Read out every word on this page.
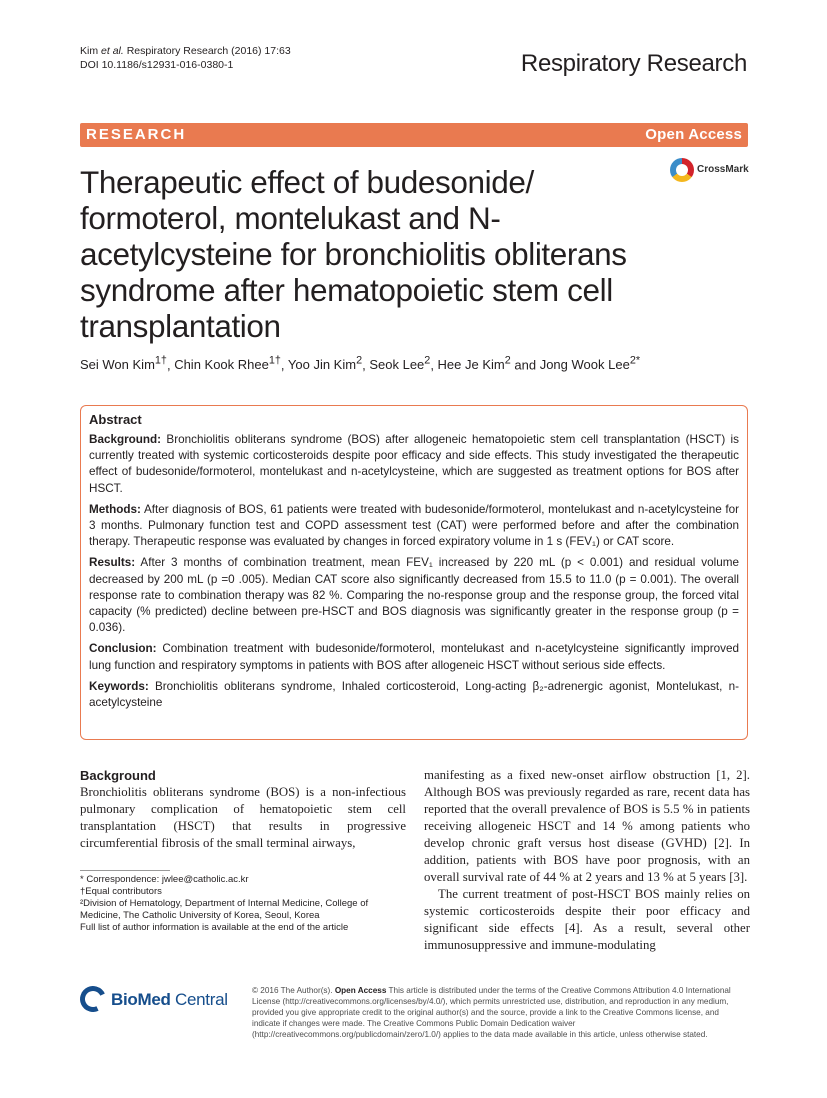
Kim et al. Respiratory Research (2016) 17:63
DOI 10.1186/s12931-016-0380-1	Respiratory Research
RESEARCH	Open Access
Therapeutic effect of budesonide/ formoterol, montelukast and N-acetylcysteine for bronchiolitis obliterans syndrome after hematopoietic stem cell transplantation
CrossMark
Sei Won Kim$^{1\dagger}$, Chin Kook Rhee$^{1\dagger}$, Yoo Jin Kim$^2$, Seok Lee$^2$, Hee Je Kim$^2$ and Jong Wook Lee$^{2*}$
Abstract

Background: Bronchiolitis obliterans syndrome (BOS) after allogeneic hematopoietic stem cell transplantation (HSCT) is currently treated with systemic corticosteroids despite poor efficacy and side effects. This study investigated the therapeutic effect of budesonide/formoterol, montelukast and n-acetylcysteine, which are suggested as treatment options for BOS after HSCT.

Methods: After diagnosis of BOS, 61 patients were treated with budesonide/formoterol, montelukast and n-acetylcysteine for 3 months. Pulmonary function test and COPD assessment test (CAT) were performed before and after the combination therapy. Therapeutic response was evaluated by changes in forced expiratory volume in 1 s (FEV₁) or CAT score.

Results: After 3 months of combination treatment, mean FEV₁ increased by 220 mL (p < 0.001) and residual volume decreased by 200 mL (p =0 .005). Median CAT score also significantly decreased from 15.5 to 11.0 (p = 0.001). The overall response rate to combination therapy was 82 %. Comparing the no-response group and the response group, the forced vital capacity (% predicted) decline between pre-HSCT and BOS diagnosis was significantly greater in the response group (p = 0.036).

Conclusion: Combination treatment with budesonide/formoterol, montelukast and n-acetylcysteine significantly improved lung function and respiratory symptoms in patients with BOS after allogeneic HSCT without serious side effects.

Keywords: Bronchiolitis obliterans syndrome, Inhaled corticosteroid, Long-acting β₂-adrenergic agonist, Montelukast, n-acetylcysteine

Background

Bronchiolitis obliterans syndrome (BOS) is a non-infectious pulmonary complication of hematopoietic stem cell transplantation (HSCT) that results in progressive circumferential fibrosis of the small terminal airways,

manifesting as a fixed new-onset airflow obstruction [1, 2]. Although BOS was previously regarded as rare, recent data has reported that the overall prevalence of BOS is 5.5 % in patients receiving allogeneic HSCT and 14 % among patients who develop chronic graft versus host disease (GVHD) [2]. In addition, patients with BOS have poor prognosis, with an overall survival rate of 44 % at 2 years and 13 % at 5 years [3].

The current treatment of post-HSCT BOS mainly relies on systemic corticosteroids despite their poor efficacy and significant side effects [4]. As a result, several other immunosuppressive and immune-modulating

* Correspondence: jwlee@catholic.ac.kr

†Equal contributors

²Division of Hematology, Department of Internal Medicine, College of Medicine, The Catholic University of Korea, Seoul, Korea

Full list of author information is available at the end of the article

BioMed Central	© 2016 The Author(s). Open Access This article is distributed under the terms of the Creative Commons Attribution 4.0 International License (http://creativecommons.org/licenses/by/4.0/), which permits unrestricted use, distribution, and reproduction in any medium, provided you give appropriate credit to the original author(s) and the source, provide a link to the Creative Commons license, and indicate if changes were made. The Creative Commons Public Domain Dedication waiver (http://creativecommons.org/publicdomain/zero/1.0/) applies to the data made available in this article, unless otherwise stated.
